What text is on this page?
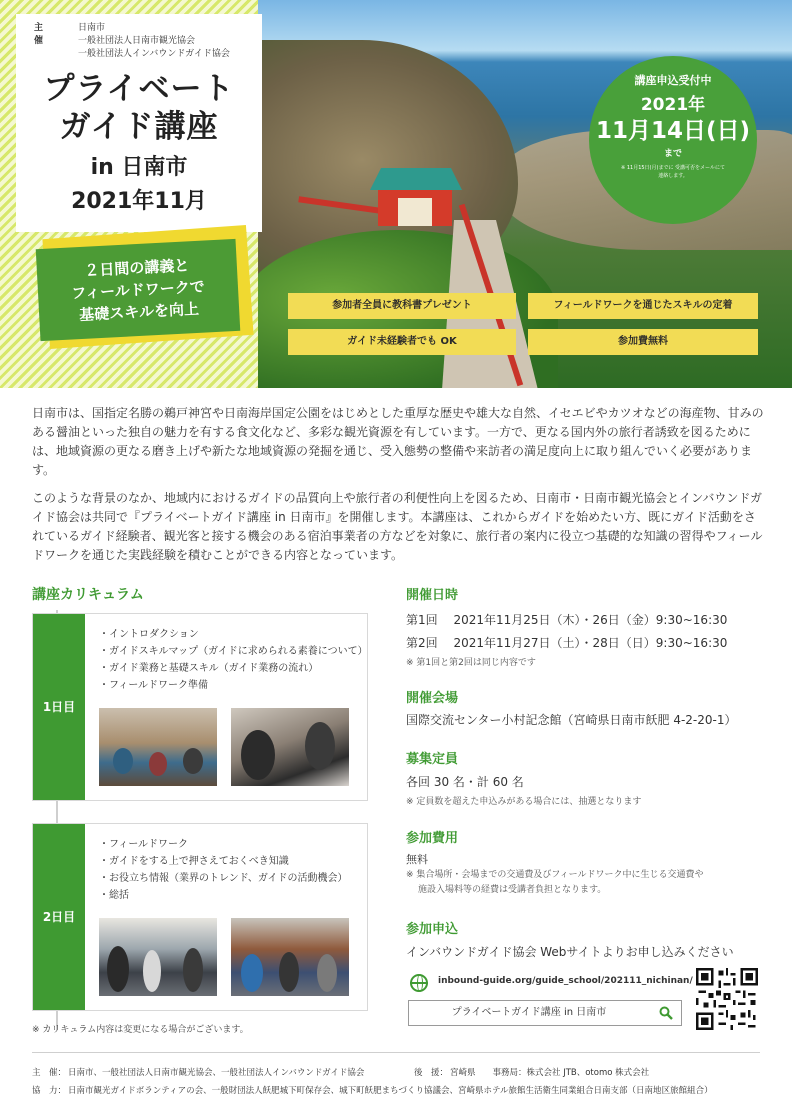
主催
日南市
一般社団法人日南市観光協会
一般社団法人インバウンドガイド協会
プライベート
ガイド講座
in 日南市
2021年11月
２日間の講義と
フィールドワークで
基礎スキルを向上
講座申込受付中
2021年
11月14日(日)
まで
※ 11月15日(月)までに 受講可否をメールにて連絡します。
参加者全員に教科書プレゼント	フィールドワークを通じたスキルの定着
ガイド未経験者でも OK	参加費無料

日南市は、国指定名勝の鵜戸神宮や日南海岸国定公園をはじめとした重厚な歴史や雄大な自然、イセエビやカツオなどの海産物、甘みのある醤油といった独自の魅力を有する食文化など、多彩な観光資源を有しています。一方で、更なる国内外の旅行者誘致を図るためには、地域資源の更なる磨き上げや新たな地域資源の発掘を通じ、受入態勢の整備や来訪者の満足度向上に取り組んでいく必要があります。

このような背景のなか、地域内におけるガイドの品質向上や旅行者の利便性向上を図るため、日南市・日南市観光協会とインバウンドガイド協会は共同で『プライベートガイド講座 in 日南市』を開催します。本講座は、これからガイドを始めたい方、既にガイド活動をされているガイド経験者、観光客と接する機会のある宿泊事業者の方などを対象に、旅行者の案内に役立つ基礎的な知識の習得やフィールドワークを通じた実践経験を積むことができる内容となっています。

講座カリキュラム
1日目
・イントロダクション
・ガイドスキルマップ（ガイドに求められる素養について）
・ガイド業務と基礎スキル（ガイド業務の流れ）
・フィールドワーク準備
2日目
・フィールドワーク
・ガイドをする上で押さえておくべき知識
・お役立ち情報（業界のトレンド、ガイドの活動機会）
・総括
※ カリキュラム内容は変更になる場合がございます。
開催日時
第1回　 2021年11月25日（木）・26日（金）9:30~16:30
第2回　 2021年11月27日（土）・28日（日）9:30~16:30
※ 第1回と第2回は同じ内容です
開催会場
国際交流センター小村記念館（宮崎県日南市飫肥 4-2-20-1）
募集定員
各回 30 名・計 60 名
※ 定員数を超えた申込みがある場合には、抽選となります
参加費用
無料
※ 集合場所・会場までの交通費及びフィールドワーク中に生じる交通費や
施設入場料等の経費は受講者負担となります。
参加申込
インバウンドガイド協会 Webサイトよりお申し込みください
inbound-guide.org/guide_school/202111_nichinan/
プライベートガイド講座 in 日南市
主　催： 日南市、一般社団法人日南市観光協会、一般社団法人インバウンドガイド協会	後　援： 宮崎県　　事務局：株式会社 JTB、otomo 株式会社
協　力： 日南市観光ガイドボランティアの会、一般財団法人飫肥城下町保存会、城下町飫肥まちづくり協議会、宮崎県ホテル旅館生活衛生同業組合日南支部（日南地区旅館組合）
